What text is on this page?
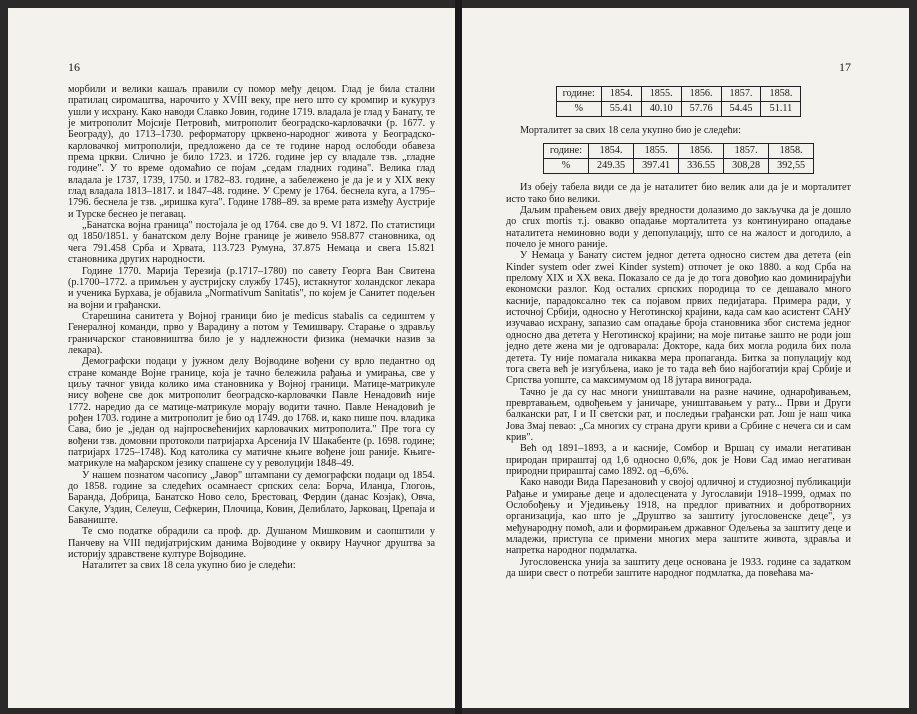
16

морбили и велики кашаљ правили су помор међу децом. Глад је била стални пратилац сиромаштва, нарочито у XVIII веку, пре него што су кромпир и кукуруз ушли у исхрану. Како наводи Славко Јовин, године 1719. владала је глад у Банату, те је митрополит Мојсије Петровић, митрополит београдско-карловачки (р. 1677. у Београду), до 1713–1730. реформатору црквено-народног живота у Београдско-карловачкој митрополији, предложено да се те године народ ослободи обавеза према цркви. Слично је било 1723. и 1726. године јер су владале тзв. „гладне године". У то време одомаћио се појам „седам гладних година". Велика глад владала је 1737, 1739, 1750. и 1782–83. године, а забележено је да је и у XIX веку глад владала 1813–1817. и 1847–48. године. У Срему је 1764. беснела куга, а 1795–1796. беснела је тзв. „иришка куга". Године 1788–89. за време рата између Аустрије и Турске беснео је пегавац.

„Банатска војна граница" постојала је од 1764. све до 9. VI 1872. По статистици од 1850/1851. у банатском делу Војне границе је живело 958.877 становника, од чега 791.458 Срба и Хрвата, 113.723 Румуна, 37.875 Немаца и свега 15.821 становника других народности.

Године 1770. Марија Терезија (р.1717–1780) по савету Георга Ван Свитена (р.1700–1772. а примљен у аустријску службу 1745), истакнутог холандског лекара и ученика Бурхава, је објавила „Normativum Sanitatis", по којем је Санитет подељен на војни и грађански.

Старешина санитета у Војној граници био је medicus stabalis са седиштем у Генералној команди, прво у Варадину а потом у Темишвару. Старање о здрављу граничарског становништва било је у надлежности физика (немачки назив за лекара).

Демографски подаци у јужном делу Војводине вођени су врло педантно од стране команде Војне границе, која је тачно бележила рађања и умирања, све у циљу тачног увида колико има становника у Војној граници. Матице-матрикуле нису вођене све док митрополит београдско-карловачки Павле Ненадовић није 1772. наредио да се матице-матрикуле морају водити тачно. Павле Ненадовић је рођен 1703. године а митрополит је био од 1749. до 1768. и, како пише поч. владика Сава, био је „један од најпросвећенијих карловачких митрополита." Пре тога су вођени тзв. домовни протоколи патријарха Арсенија IV Шакабенте (р. 1698. године; патријарх 1725–1748). Код католика су матичне књиге вођене још раније. Књиге-матрикуле на мађарском језику спашене су у револуцији 1848–49.

У нашем познатом часопису „Јавор" штампани су демографски подаци од 1854. до 1858. године за следећих осамнаест српских села: Борча, Иланџа, Глогоњ, Баранда, Добрица, Банатско Ново село, Брестовац, Фердин (данас Козјак), Овча, Сакуле, Уздин, Селеуш, Сефкерин, Плочица, Ковин, Делиблато, Јарковац, Црепаја и Бавaниште.

Те смо податке обрадили са проф. др. Душаном Мишковим и саопштили у Панчеву на VIII педијатријским данима Војводине у оквиру Научног друштва за историју здравствене културе Војводине.

Наталитет за свих 18 села укупно био је следећи:

17
године:	1854.	1855.	1856.	1857.	1858.
%	55.41	40.10	57.76	54.45	51.11
Морталитет за свих 18 села укупно био је следећи:
године:	1854.	1855.	1856.	1857.	1858.
%	249.35	397.41	336.55	308,28	392,55

Из обеју табела види се да је наталитет био велик али да је и морталитет исто тако био велики.

Даљим праћењем ових двеју вредности долазимо до закључка да је дошло до crux mortis т.ј. овакво опадање морталитета уз континуирано опадање наталитета неминовно води у депопулацију, што се на жалост и догодило, а почело је много раније.

У Немаца у Банату систем једног детета односно систем два детета (ein Kinder system oder zwei Kinder system) отпочет је око 1880. а код Срба на прелому XIX и XX века. Показало се да је до тога довођио као доминирајући економски разлог. Код осталих српских породица то се дешавало много касније, парадоксално тек са појавом првих педијатара. Примера ради, у источној Србији, односно у Неготинској крајини, када сам као асистент САНУ изучавао исхрану, запазио сам опадање броја становника због система једног односно два детета у Неготинској крајини; на моје питање зашто не роди још једно дете жена ми је одговарала: Докторе, када бих могла родила бих пола детета. Ту није помагала никаква мера пропаганда. Битка за популацију код тога света већ је изгубљена, иако је то тада већ био најбогатији крај Србије и Српства уопште, са максимумом од 18 јутара винограда.

Тачно је да су нас многи уништавали на разне начине, однарођивањем, превртавањем, одвођењем у јаничаре, уништавањем у рату... Први и Други балкански рат, I и II светски рат, и последњи грађански рат. Још је наш чика Јова Змај певао: „Са многих су страна други криви а Србине с нечега си и сам крив".

Већ од 1891–1893, а и касније, Сомбор и Вршац су имали негативан природан прираштај од 1,6 односно 0,6%, док је Нови Сад имао негативан природни прираштај само 1892. од –6,6%.

Како наводи Вида Парезановић у својој одличној и студиозној публикацији Рађање и умирање деце и адолесцената у Југославији 1918–1999, одмах по Ослобођењу и Уједињењу 1918, на предлог приватних и добротворних организација, као што је „Друштво за заштиту југословенске деце", уз међународну помоћ, али и формирањем државног Одељења за заштиту деце и младежи, приступа се примени многих мера заштите живота, здравља и напретка народног подмлатка.

Југословенска унија за заштиту деце основана је 1933. године са задатком да шири свест о потреби заштите народног подмлатка, да повећава ма-
